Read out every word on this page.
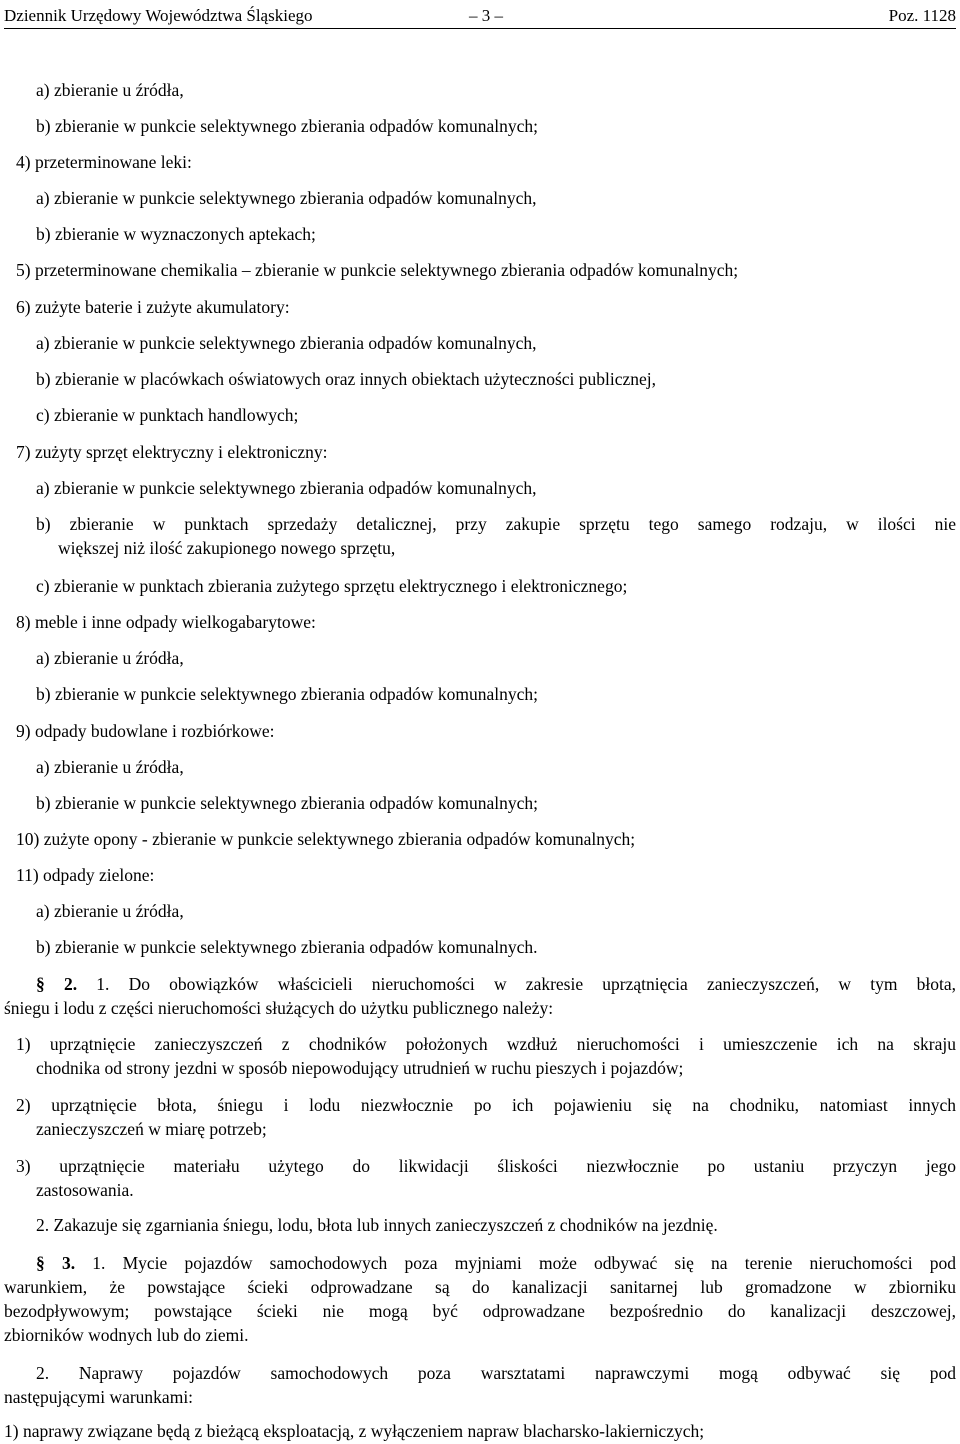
Dziennik Urzędowy Województwa Śląskiego	– 3 –	Poz. 1128
a) zbieranie u źródła,
b) zbieranie w punkcie selektywnego zbierania odpadów komunalnych;
4) przeterminowane leki:
a) zbieranie w punkcie selektywnego zbierania odpadów komunalnych,
b) zbieranie w wyznaczonych aptekach;
5) przeterminowane chemikalia – zbieranie w punkcie selektywnego zbierania odpadów komunalnych;
6) zużyte baterie i zużyte akumulatory:
a) zbieranie w punkcie selektywnego zbierania odpadów komunalnych,
b) zbieranie w placówkach oświatowych oraz innych obiektach użyteczności publicznej,
c) zbieranie w punktach handlowych;
7) zużyty sprzęt elektryczny i elektroniczny:
a) zbieranie w punkcie selektywnego zbierania odpadów komunalnych,
b) zbieranie w punktach sprzedaży detalicznej, przy zakupie sprzętu tego samego rodzaju, w ilości nie
większej niż ilość zakupionego nowego sprzętu,
c) zbieranie w punktach zbierania zużytego sprzętu elektrycznego i elektronicznego;
8) meble i inne odpady wielkogabarytowe:
a) zbieranie u źródła,
b) zbieranie w punkcie selektywnego zbierania odpadów komunalnych;
9) odpady budowlane i rozbiórkowe:
a) zbieranie u źródła,
b) zbieranie w punkcie selektywnego zbierania odpadów komunalnych;
10) zużyte opony - zbieranie w punkcie selektywnego zbierania odpadów komunalnych;
11) odpady zielone:
a) zbieranie u źródła,
b) zbieranie w punkcie selektywnego zbierania odpadów komunalnych.
§ 2. 1. Do obowiązków właścicieli nieruchomości w zakresie uprzątnięcia zanieczyszczeń, w tym błota,
śniegu i lodu z części nieruchomości służących do użytku publicznego należy:
1) uprzątnięcie zanieczyszczeń z chodników położonych wzdłuż nieruchomości i umieszczenie ich na skraju
chodnika od strony jezdni w sposób niepowodujący utrudnień w ruchu pieszych i pojazdów;
2) uprzątnięcie błota, śniegu i lodu niezwłocznie po ich pojawieniu się na chodniku, natomiast innych
zanieczyszczeń w miarę potrzeb;
3) uprzątnięcie materiału użytego do likwidacji śliskości niezwłocznie po ustaniu przyczyn jego
zastosowania.
2. Zakazuje się zgarniania śniegu, lodu, błota lub innych zanieczyszczeń z chodników na jezdnię.
§ 3. 1. Mycie pojazdów samochodowych poza myjniami może odbywać się na terenie nieruchomości pod
warunkiem, że powstające ścieki odprowadzane są do kanalizacji sanitarnej lub gromadzone w zbiorniku
bezodpływowym; powstające ścieki nie mogą być odprowadzane bezpośrednio do kanalizacji deszczowej,
zbiorników wodnych lub do ziemi.
2. Naprawy pojazdów samochodowych poza warsztatami naprawczymi mogą odbywać się pod
następującymi warunkami:
1) naprawy związane będą z bieżącą eksploatacją, z wyłączeniem napraw blacharsko-lakierniczych;
